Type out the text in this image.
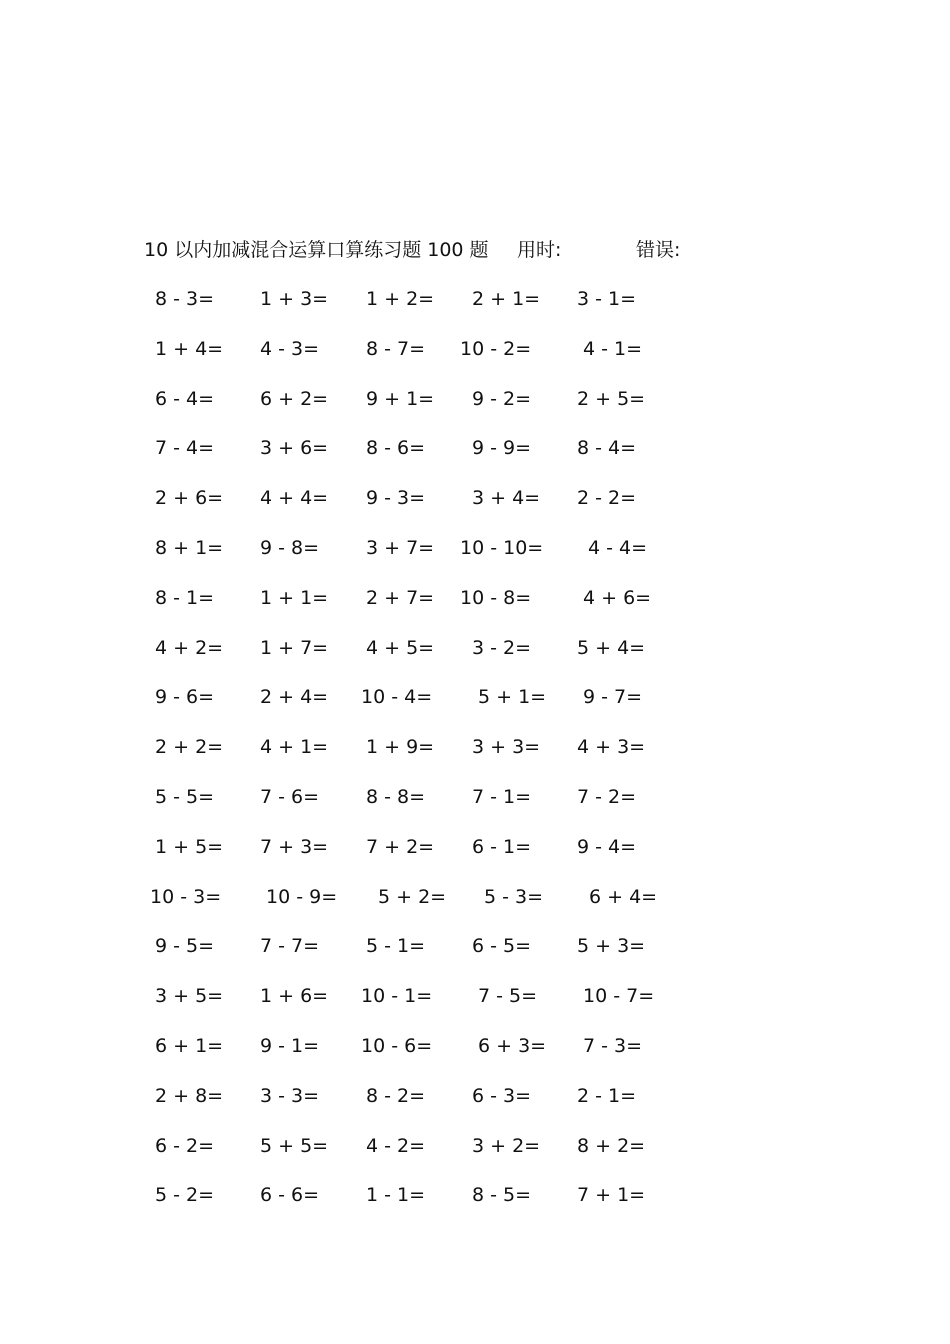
10 以内加减混合运算口算练习题 100 题 用时:	错误:
8 - 3= 1 + 3= 1 + 2= 2 + 1= 3 - 1=
1 + 4= 4 - 3= 8 - 7= 10 - 2=	4 - 1=
6 - 4= 6 + 2= 9 + 1= 9 - 2= 2 + 5=
7 - 4= 3 + 6= 8 - 6= 9 - 9= 8 - 4=
2 + 6= 4 + 4= 9 - 3= 3 + 4= 2 - 2=
8 + 1= 9 - 8= 3 + 7= 10 - 10= 4 - 4=
8 - 1= 1 + 1= 2 + 7= 10 - 8=	4 + 6=
4 + 2= 1 + 7= 4 + 5= 3 - 2= 5 + 4=
9 - 6= 2 + 4= 10 - 4= 5 + 1= 9 - 7=
2 + 2= 4 + 1= 1 + 9= 3 + 3= 4 + 3=
5 - 5= 7 - 6= 8 - 8= 7 - 1= 7 - 2=
1 + 5= 7 + 3= 7 + 2= 6 - 1= 9 - 4=
10 - 3= 10 - 9= 5 + 2= 5 - 3= 6 + 4=
9 - 5= 7 - 7= 5 - 1= 6 - 5= 5 + 3=
3 + 5= 1 + 6= 10 - 1= 7 - 5= 10 - 7=
6 + 1= 9 - 1= 10 - 6= 6 + 3= 7 - 3=
2 + 8= 3 - 3= 8 - 2= 6 - 3= 2 - 1=
6 - 2= 5 + 5= 4 - 2= 3 + 2= 8 + 2=
5 - 2= 6 - 6= 1 - 1= 8 - 5= 7 + 1=
